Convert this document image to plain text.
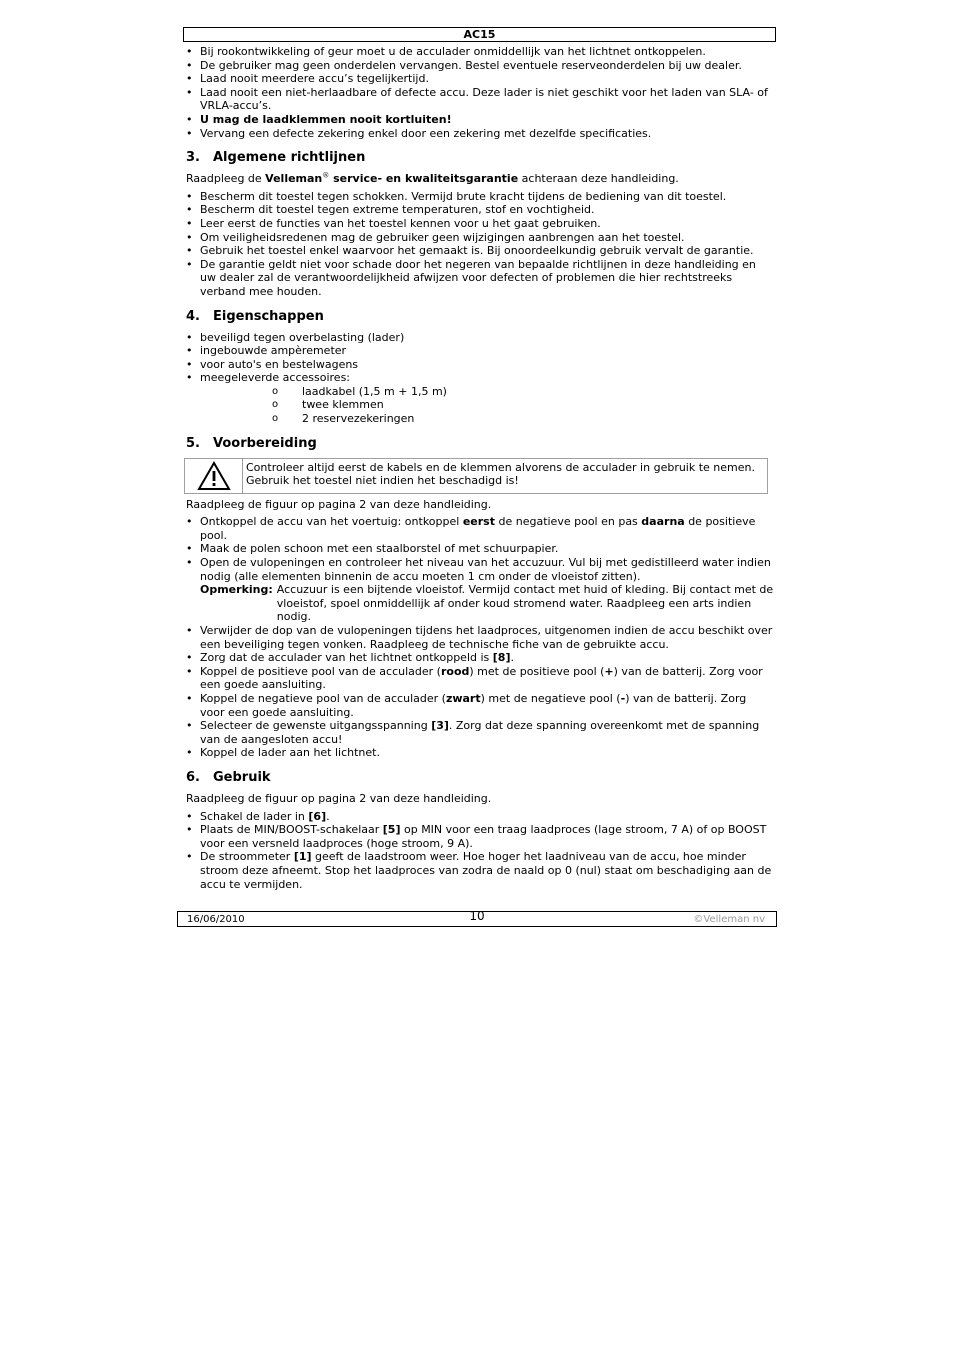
AC15
• Bij rookontwikkeling of geur moet u de acculader onmiddellijk van het lichtnet ontkoppelen.
• De gebruiker mag geen onderdelen vervangen. Bestel eventuele reserveonderdelen bij uw dealer.
• Laad nooit meerdere accu’s tegelijkertijd.
• Laad nooit een niet-herlaadbare of defecte accu. Deze lader is niet geschikt voor het laden van SLA- of VRLA-accu’s.
• U mag de laadklemmen nooit kortluiten!
• Vervang een defecte zekering enkel door een zekering met dezelfde specificaties.
3. Algemene richtlijnen

Raadpleeg de Velleman® service- en kwaliteitsgarantie achteraan deze handleiding.

• Bescherm dit toestel tegen schokken. Vermijd brute kracht tijdens de bediening van dit toestel.
• Bescherm dit toestel tegen extreme temperaturen, stof en vochtigheid.
• Leer eerst de functies van het toestel kennen voor u het gaat gebruiken.
• Om veiligheidsredenen mag de gebruiker geen wijzigingen aanbrengen aan het toestel.
• Gebruik het toestel enkel waarvoor het gemaakt is. Bij onoordeelkundig gebruik vervalt de garantie.
• De garantie geldt niet voor schade door het negeren van bepaalde richtlijnen in deze handleiding en uw dealer zal de verantwoordelijkheid afwijzen voor defecten of problemen die hier rechtstreeks verband mee houden.
4. Eigenschappen
• beveiligd tegen overbelasting (lader)
• ingebouwde ampèremeter
• voor auto's en bestelwagens
• meegeleverde accessoires:
o laadkabel (1,5 m + 1,5 m)
o twee klemmen
o 2 reservezekeringen
5. Voorbereiding
Controleer altijd eerst de kabels en de klemmen alvorens de acculader in gebruik te nemen. Gebruik het toestel niet indien het beschadigd is!

Raadpleeg de figuur op pagina 2 van deze handleiding.

• Ontkoppel de accu van het voertuig: ontkoppel eerst de negatieve pool en pas daarna de positieve pool.
• Maak de polen schoon met een staalborstel of met schuurpapier.
• Open de vulopeningen en controleer het niveau van het accuzuur. Vul bij met gedistilleerd water indien nodig (alle elementen binnenin de accu moeten 1 cm onder de vloeistof zitten).
Opmerking: Accuzuur is een bijtende vloeistof. Vermijd contact met huid of kleding. Bij contact met de vloeistof, spoel onmiddellijk af onder koud stromend water. Raadpleeg een arts indien nodig.
• Verwijder de dop van de vulopeningen tijdens het laadproces, uitgenomen indien de accu beschikt over een beveiliging tegen vonken. Raadpleeg de technische fiche van de gebruikte accu.
• Zorg dat de acculader van het lichtnet ontkoppeld is [8].
• Koppel de positieve pool van de acculader (rood) met de positieve pool (+) van de batterij. Zorg voor een goede aansluiting.
• Koppel de negatieve pool van de acculader (zwart) met de negatieve pool (-) van de batterij. Zorg voor een goede aansluiting.
• Selecteer de gewenste uitgangsspanning [3]. Zorg dat deze spanning overeenkomt met de spanning van de aangesloten accu!
• Koppel de lader aan het lichtnet.
6. Gebruik

Raadpleeg de figuur op pagina 2 van deze handleiding.

• Schakel de lader in [6].
• Plaats de MIN/BOOST-schakelaar [5] op MIN voor een traag laadproces (lage stroom, 7 A) of op BOOST voor een versneld laadproces (hoge stroom, 9 A).
• De stroommeter [1] geeft de laadstroom weer. Hoe hoger het laadniveau van de accu, hoe minder stroom deze afneemt. Stop het laadproces van zodra de naald op 0 (nul) staat om beschadiging aan de accu te vermijden.
16/06/2010	10	©Velleman nv
